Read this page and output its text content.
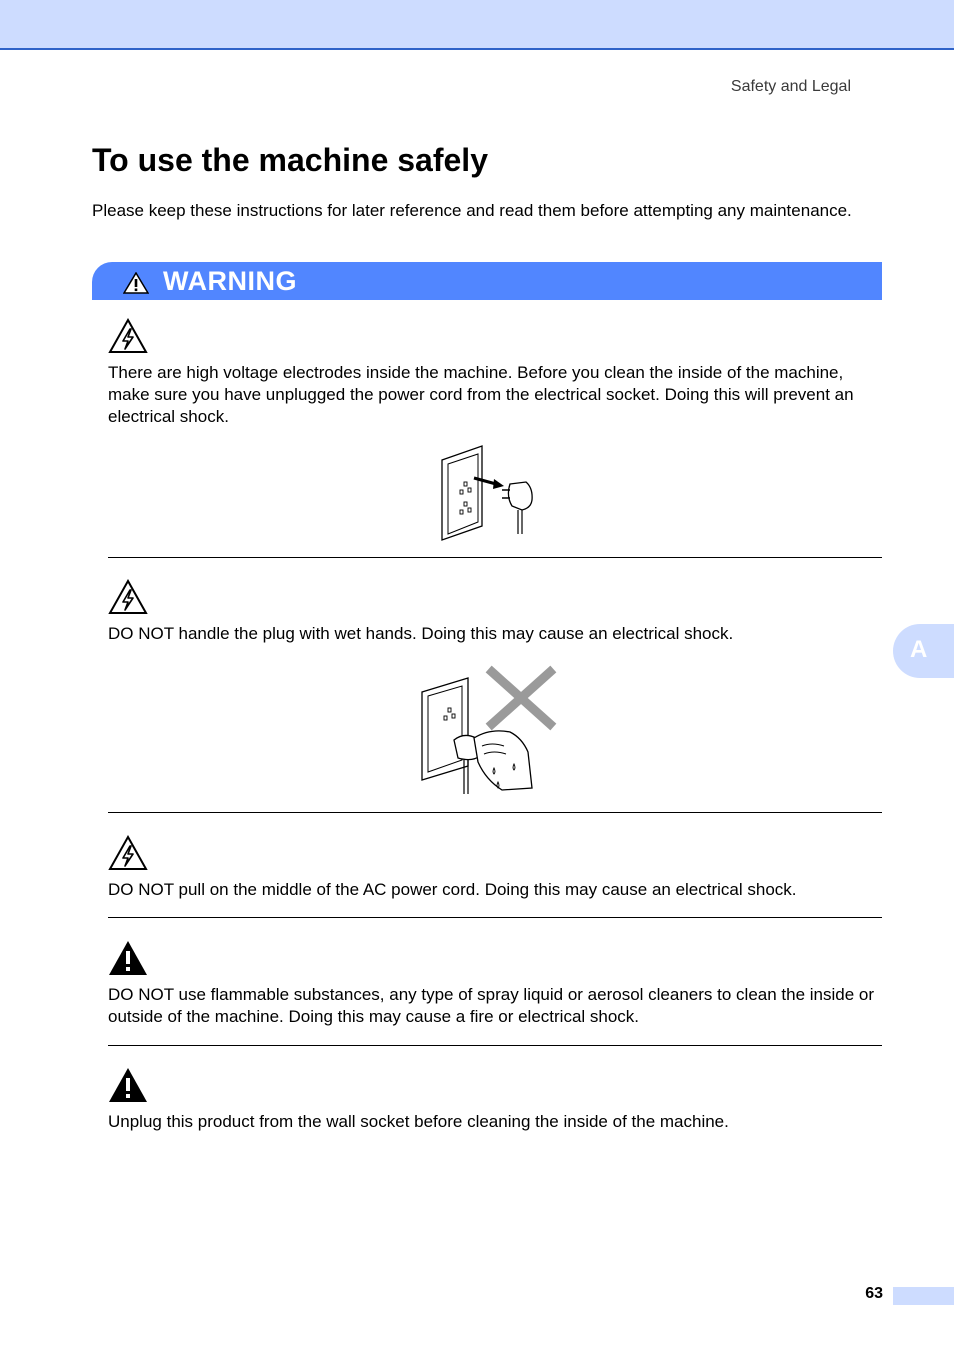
Safety and Legal
To use the machine safely

Please keep these instructions for later reference and read them before attempting any maintenance.

WARNING

There are high voltage electrodes inside the machine. Before you clean the inside of the machine, make sure you have unplugged the power cord from the electrical socket. Doing this will prevent an electrical shock.

DO NOT handle the plug with wet hands. Doing this may cause an electrical shock.

DO NOT pull on the middle of the AC power cord. Doing this may cause an electrical shock.

DO NOT use flammable substances, any type of spray liquid or aerosol cleaners to clean the inside or outside of the machine. Doing this may cause a fire or electrical shock.

Unplug this product from the wall socket before cleaning the inside of the machine.

A
63
